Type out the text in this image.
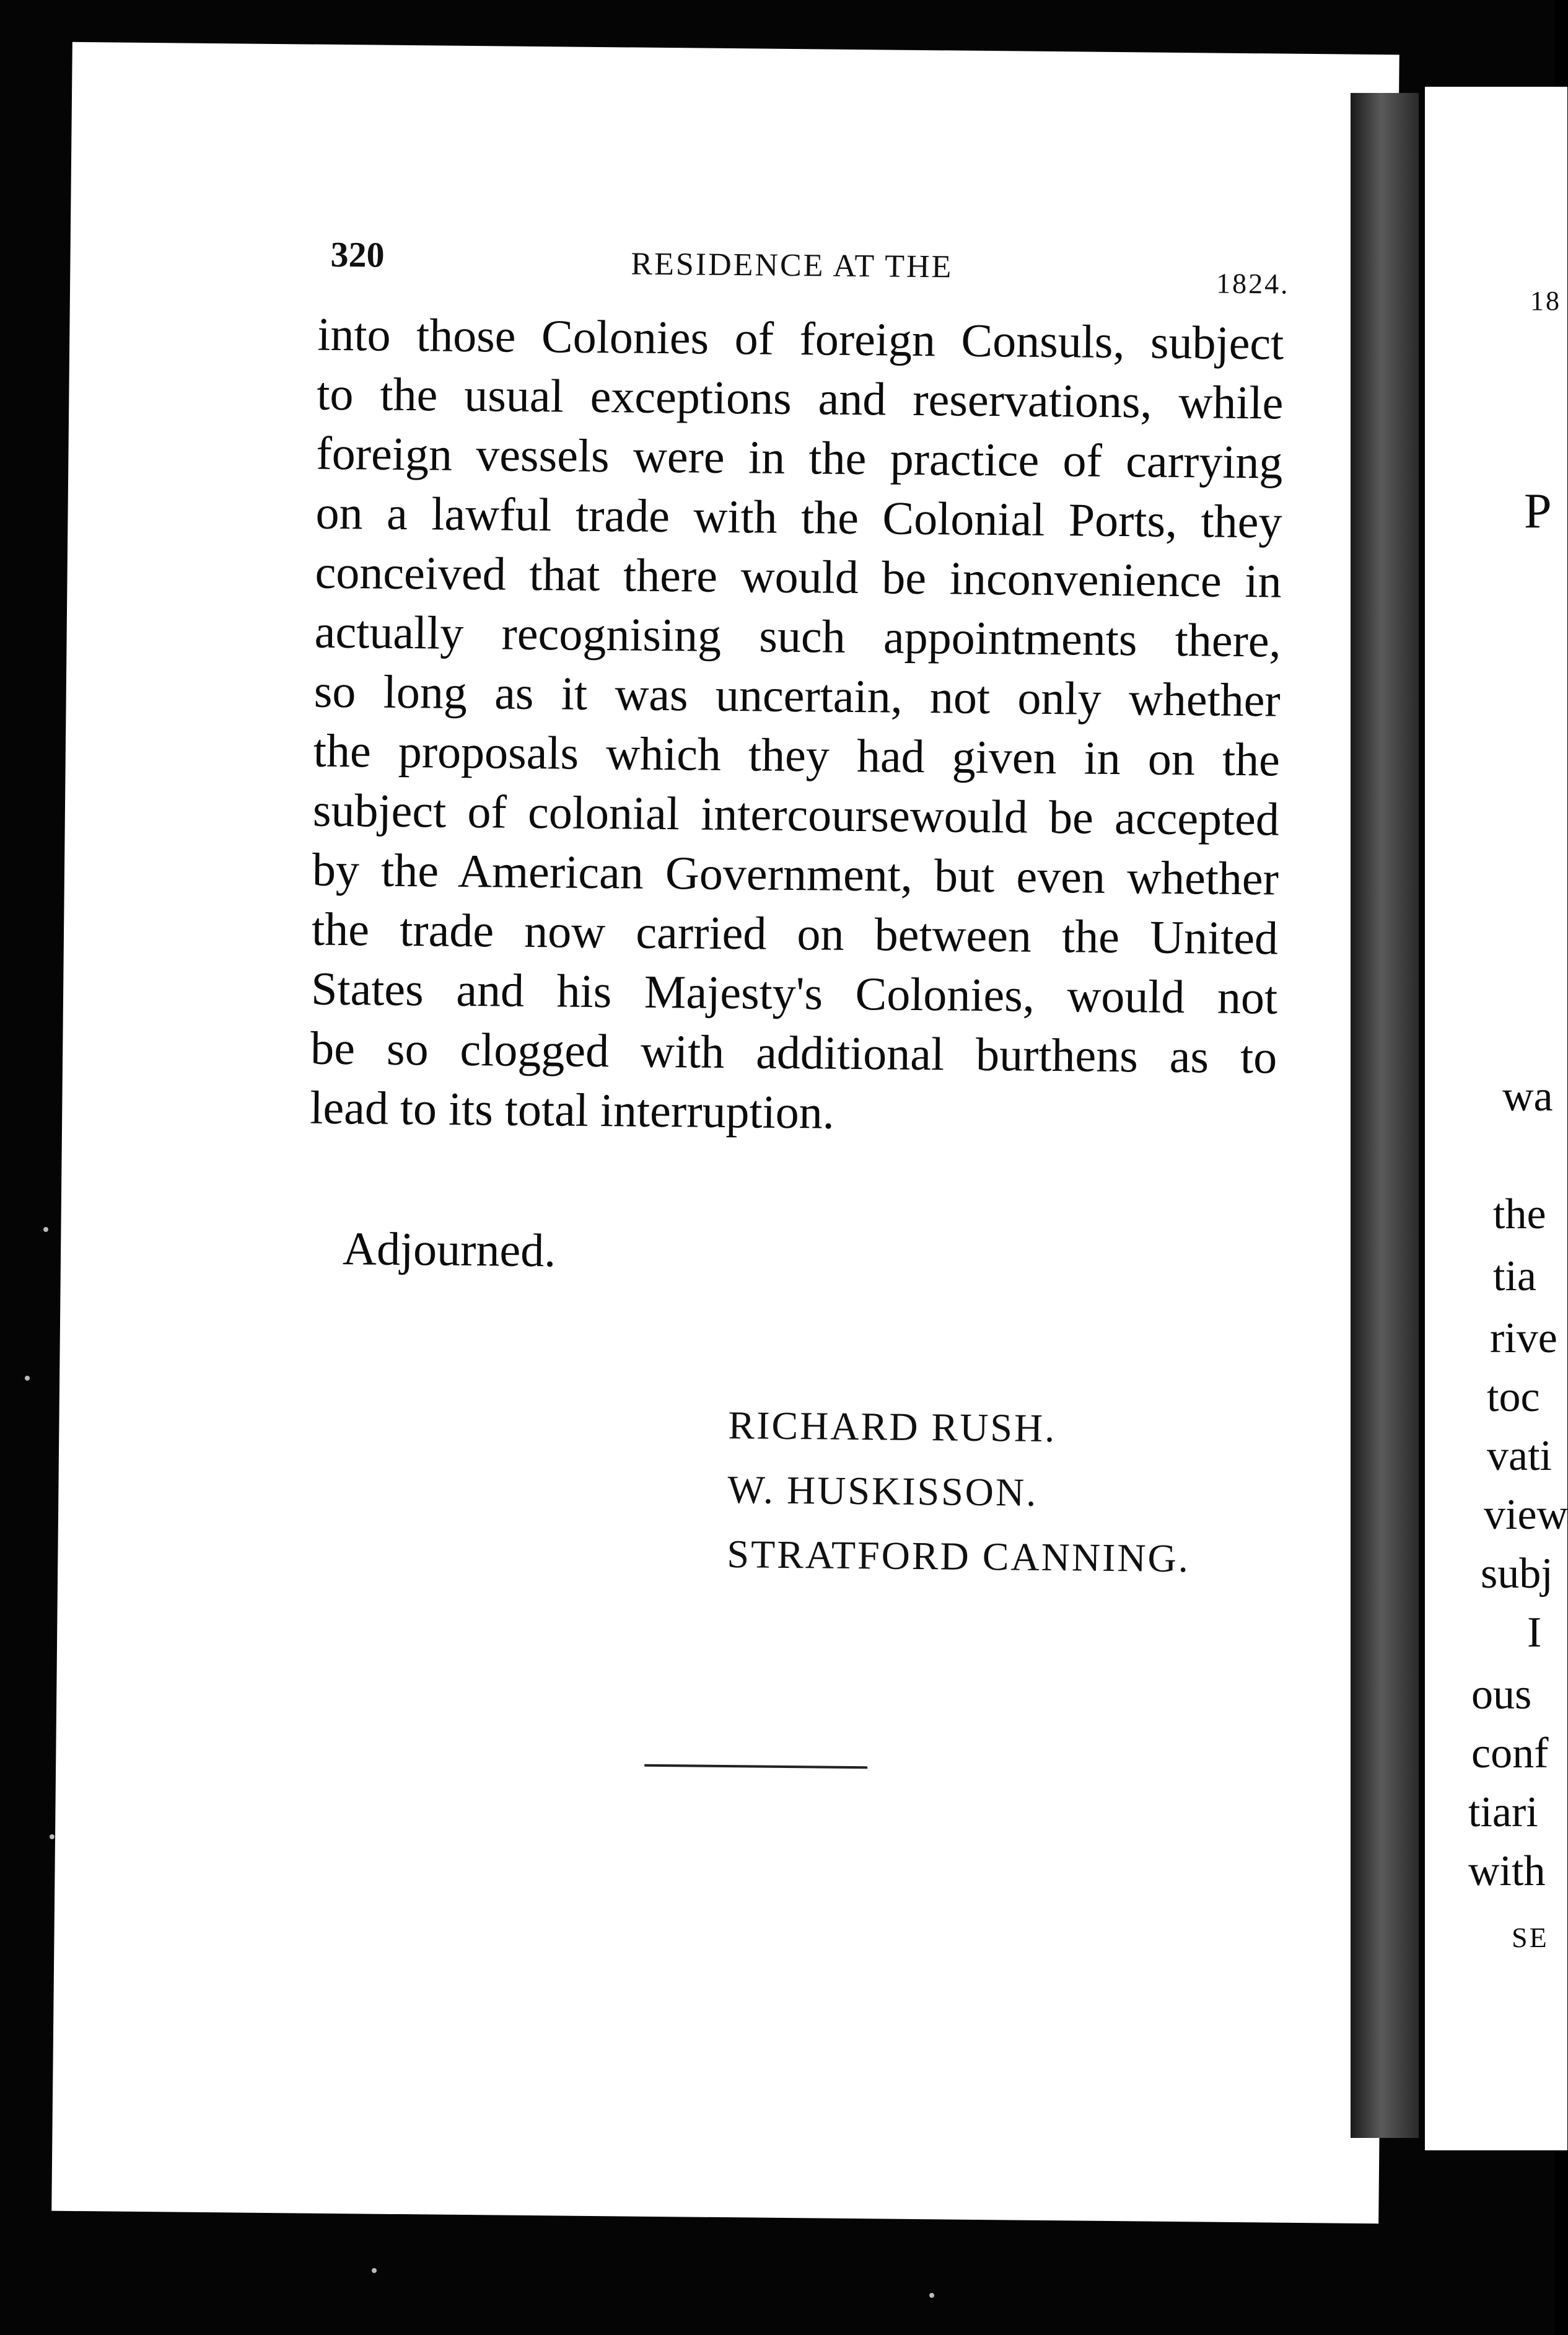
320	RESIDENCE AT THE	1824.
into those Colonies of foreign Consuls, subject
to the usual exceptions and reservations, while
foreign vessels were in the practice of carrying
on a lawful trade with the Colonial Ports, they
conceived that there would be inconvenience in
actually recognising such appointments there,
so long as it was uncertain, not only whether
the proposals which they had given in on the
subject of colonial intercoursewould be accepted
by the American Government, but even whether
the trade now carried on between the United
States and his Majesty's Colonies, would not
be so clogged with additional burthens as to
lead to its total interruption.
Adjourned.
RICHARD RUSH.
W. HUSKISSON.
STRATFORD CANNING.
18
P
wa
the
tia
rive
toc
vati
view
subj
I
ous
conf
tiari
with
SE
